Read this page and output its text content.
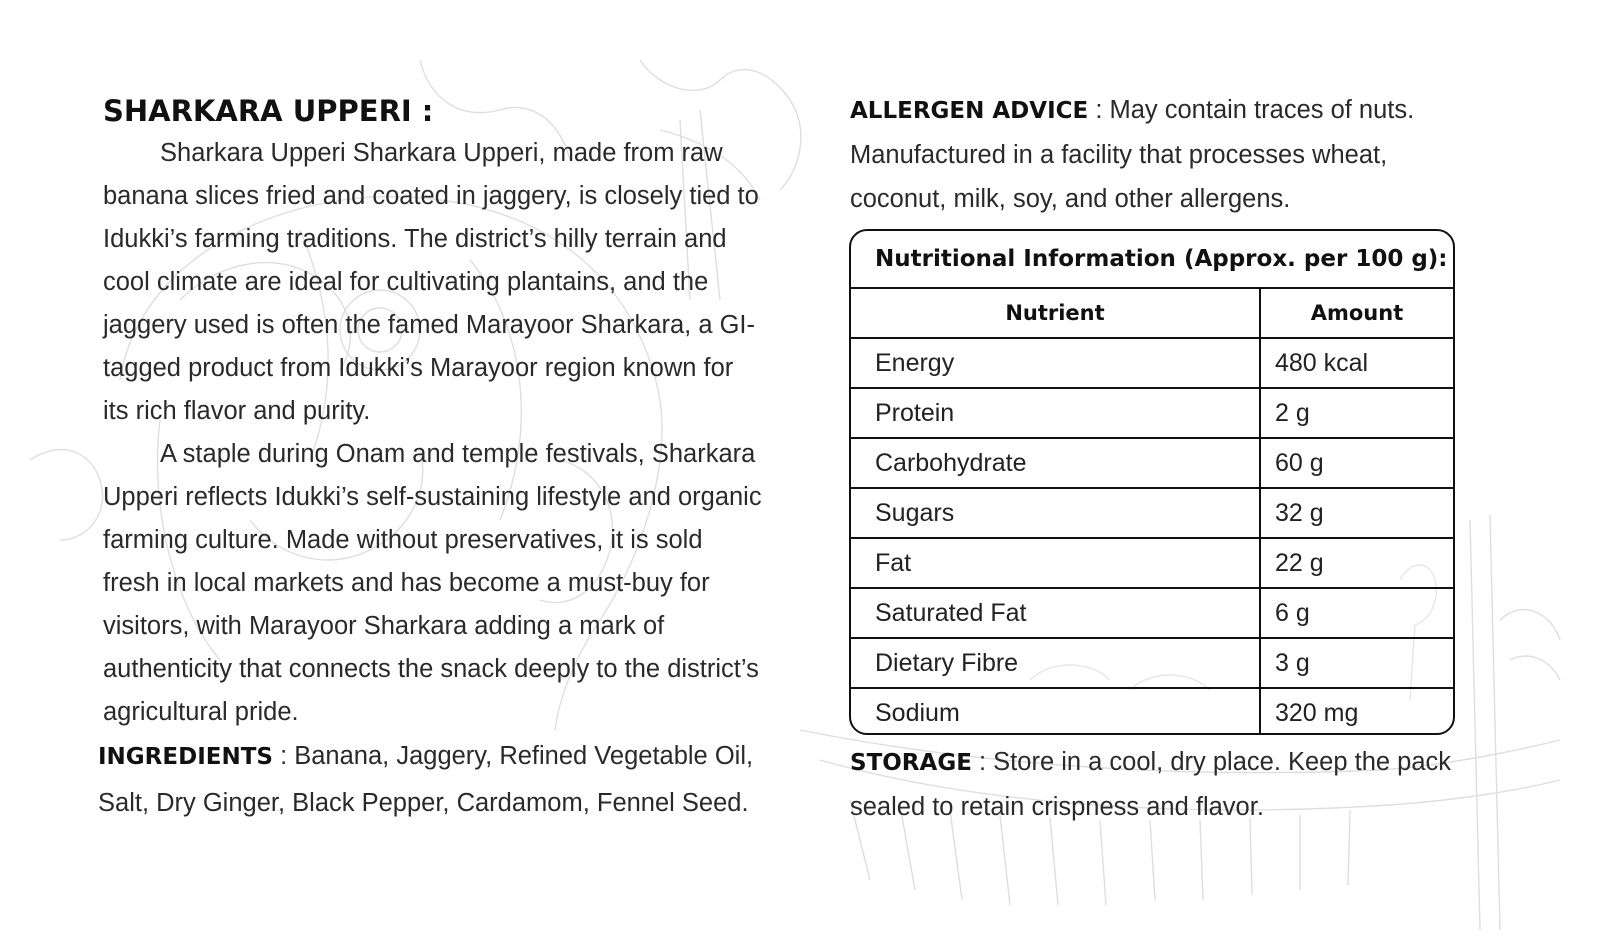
SHARKARA UPPERI :

Sharkara Upperi Sharkara Upperi, made from raw banana slices fried and coated in jaggery, is closely tied to Idukki’s farming traditions. The district’s hilly terrain and cool climate are ideal for cultivating plantains, and the jaggery used is often the famed Marayoor Sharkara, a GI-tagged product from Idukki’s Marayoor region known for its rich flavor and purity.

A staple during Onam and temple festivals, Sharkara Upperi reflects Idukki’s self-sustaining lifestyle and organic farming culture. Made without preservatives, it is sold fresh in local markets and has become a must-buy for visitors, with Marayoor Sharkara adding a mark of authenticity that connects the snack deeply to the district’s agricultural pride.

INGREDIENTS : Banana, Jaggery, Refined Vegetable Oil, Salt, Dry Ginger, Black Pepper, Cardamom, Fennel Seed.

ALLERGEN ADVICE : May contain traces of nuts. Manufactured in a facility that processes wheat, coconut, milk, soy, and other allergens.

Nutritional Information (Approx. per 100 g):
Nutrient	Amount
Energy	480 kcal
Protein	2 g
Carbohydrate	60 g
Sugars	32 g
Fat	22 g
Saturated Fat	6 g
Dietary Fibre	3 g
Sodium	320 mg

STORAGE : Store in a cool, dry place. Keep the pack sealed to retain crispness and flavor.
